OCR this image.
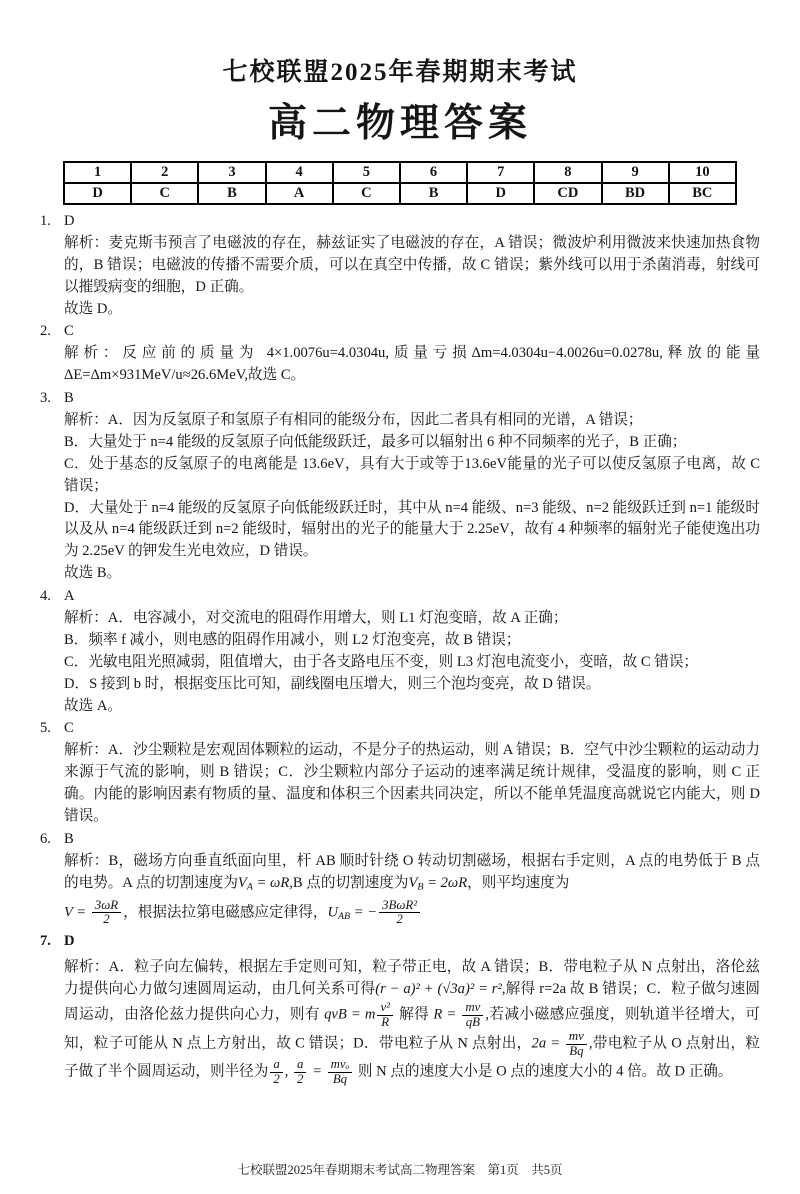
七校联盟2025年春期期末考试
高二物理答案
1	2	3	4	5	6	7	8	9	10
D	C	B	A	C	B	D	CD	BD	BC
1. D
解析：麦克斯韦预言了电磁波的存在，赫兹证实了电磁波的存在，A 错误；微波炉利用微波来快速加热食物的，B 错误；电磁波的传播不需要介质，可以在真空中传播，故 C 错误；紫外线可以用于杀菌消毒，射线可以摧毁病变的细胞，D 正确。
故选 D。
2. C
解析：反应前的质量为 4×1.0076u=4.0304u,质量亏损Δm=4.0304u−4.0026u=0.0278u,释放的能量 ΔE=Δm×931MeV/u≈26.6MeV,故选 C。
3. B
解析：A．因为反氢原子和氢原子有相同的能级分布，因此二者具有相同的光谱，A 错误；
B．大量处于 n=4 能级的反氢原子向低能级跃迁，最多可以辐射出 6 种不同频率的光子，B 正确；
C．处于基态的反氢原子的电离能是 13.6eV，具有大于或等于13.6eV能量的光子可以使反氢原子电离，故 C 错误；
D．大量处于 n=4 能级的反氢原子向低能级跃迁时，其中从 n=4 能级、n=3 能级、n=2 能级跃迁到 n=1 能级时以及从 n=4 能级跃迁到 n=2 能级时，辐射出的光子的能量大于 2.25eV，故有 4 种频率的辐射光子能使逸出功为 2.25eV 的钾发生光电效应，D 错误。
故选 B。
4. A
解析：A．电容减小，对交流电的阻碍作用增大，则 L1 灯泡变暗，故 A 正确；
B．频率 f 减小，则电感的阻碍作用减小，则 L2 灯泡变亮，故 B 错误；
C．光敏电阻光照减弱，阻值增大，由于各支路电压不变，则 L3 灯泡电流变小，变暗，故 C 错误；
D．S 接到 b 时，根据变压比可知，副线圈电压增大，则三个泡均变亮，故 D 错误。
故选 A。
5. C
解析：A．沙尘颗粒是宏观固体颗粒的运动，不是分子的热运动，则 A 错误；B．空气中沙尘颗粒的运动动力来源于气流的影响，则 B 错误；C．沙尘颗粒内部分子运动的速率满足统计规律，受温度的影响，则 C 正确。内能的影响因素有物质的量、温度和体积三个因素共同决定，所以不能单凭温度高就说它内能大，则 D 错误。
6. B
解析：B，磁场方向垂直纸面向里，杆 AB 顺时针绕 O 转动切割磁场，根据右手定则，A 点的电势低于 B 点的电势。A 点的切割速度为$V_A = \omega R,B$ 点的切割速度为$V_B = 2\omega R$，则平均速度为
$V = \frac{3\omega R}{2}$ ，根据法拉第电磁感应定律得，$U_{AB}$ = − $\frac{\text{3BωR²}}{2}$
7. D
解析：A．粒子向左偏转，根据左手定则可知，粒子带正电，故 A 错误；B．带电粒子从 N 点射出，洛伦兹力提供向心力做匀速圆周运动，由几何关系可得(r − a)² + (√3a)² = r²,解得 r=2a 故 B 错误；C．粒子做匀速圆周运动，由洛伦兹力提供向心力，则有 qvB = m $\frac{\text{v²}}{R}$ 解得 $R = \frac{mv}{qB}$ ,若减小磁感应强度，则轨道半径增大，可知，粒子可能从 N 点上方射出，故 C 错误；D．带电粒子从 N 点射出，$2a = \frac{mv}{Bq}$ ,带电粒子从 O 点射出，粒子做了半个圆周运动，则半径为 $\frac{a}{2}$ , $\frac{a}{2} = \frac{\text{mvₒ}}{Bq}$ 则 N 点的速度大小是 O 点的速度大小的 4 倍。故 D 正确。
七校联盟2025年春期期末考试高二物理答案　第1页　共5页
